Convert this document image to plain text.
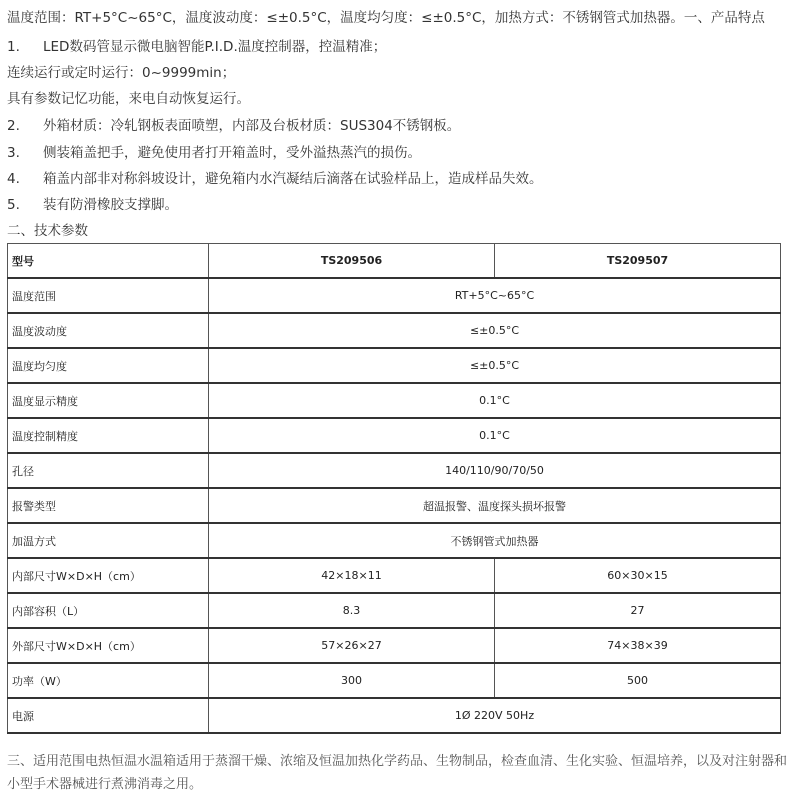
温度范围：RT+5°C~65°C，温度波动度：≤±0.5°C，温度均匀度：≤±0.5°C，加热方式：不锈钢管式加热器。一、产品特点
1. LED数码管显示微电脑智能P.I.D.温度控制器，控温精准；
连续运行或定时运行：0~9999min；
具有参数记忆功能，来电自动恢复运行。
2. 外箱材质：冷轧钢板表面喷塑，内部及台板材质：SUS304不锈钢板。
3. 侧装箱盖把手，避免使用者打开箱盖时，受外溢热蒸汽的损伤。
4. 箱盖内部非对称斜坡设计，避免箱内水汽凝结后滴落在试验样品上，造成样品失效。
5. 装有防滑橡胶支撑脚。
二、技术参数
型号	TS209506	TS209507
温度范围	RT+5°C~65°C	
温度波动度	≤±0.5°C	
温度均匀度	≤±0.5°C	
温度显示精度	0.1°C	
温度控制精度	0.1°C	
孔径	140/110/90/70/50	
报警类型	超温报警、温度探头损坏报警	
加温方式	不锈钢管式加热器	
内部尺寸W×D×H（cm）	42×18×11	60×30×15
内部容积（L）	8.3	27
外部尺寸W×D×H（cm）	57×26×27	74×38×39
功率（W）	300	500
电源	1Ø 220V 50Hz	
三、适用范围电热恒温水温箱适用于蒸溜干燥、浓缩及恒温加热化学药品、生物制品，检查血清、生化实验、恒温培养，以及对注射器和小型手术器械进行煮沸消毒之用。
